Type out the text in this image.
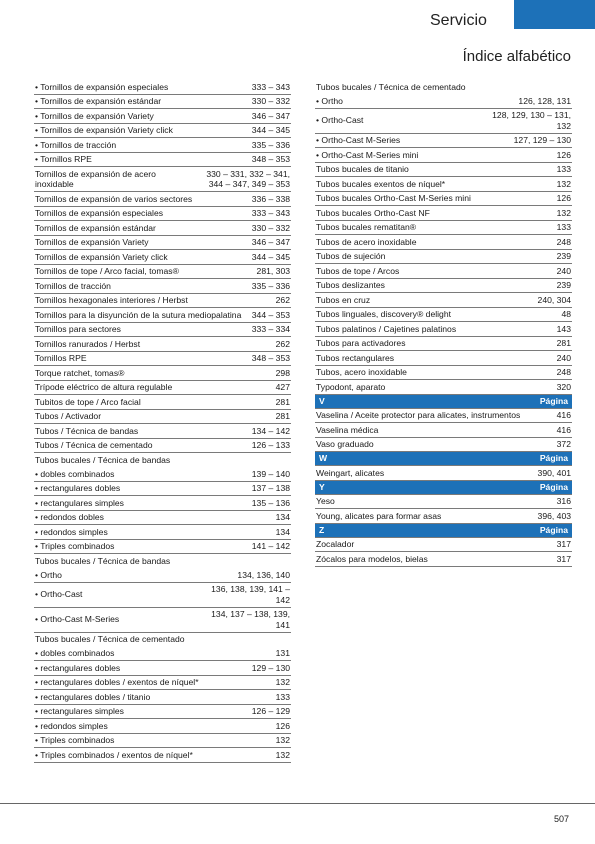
Servicio
Índice alfabético
• Tornillos de expansión especiales	333 – 343
• Tornillos de expansión estándar	330 – 332
• Tornillos de expansión Variety	346 – 347
• Tornillos de expansión Variety click	344 – 345
• Tornillos de tracción	335 – 336
• Tornillos RPE	348 – 353
Tornillos de expansión de acero inoxidable
330 – 331, 332 – 341, 344 – 347, 349 – 353
Tornillos de expansión de varios sectores	336 – 338
Tornillos de expansión especiales	333 – 343
Tornillos de expansión estándar	330 – 332
Tornillos de expansión Variety	346 – 347
Tornillos de expansión Variety click	344 – 345
Tornillos de tope / Arco facial, tomas®	281, 303
Tornillos de tracción	335 – 336
Tornillos hexagonales interiores / Herbst	262
Tornillos para la disyunción de la sutura mediopalatina	344 – 353
Tornillos para sectores	333 – 334
Tornillos ranurados / Herbst	262
Tornillos RPE	348 – 353
Torque ratchet, tomas®	298
Trípode eléctrico de altura regulable	427
Tubitos de tope / Arco facial	281
Tubos / Activador	281
Tubos / Técnica de bandas	134 – 142
Tubos / Técnica de cementado	126 – 133
Tubos bucales / Técnica de bandas
• dobles combinados	139 – 140
• rectangulares dobles	137 – 138
• rectangulares simples	135 – 136
• redondos dobles	134
• redondos simples	134
• Triples combinados	141 – 142
Tubos bucales / Técnica de bandas
• Ortho	134, 136, 140
• Ortho-Cast
136, 138, 139, 141 – 142
• Ortho-Cast M-Series
134, 137 – 138, 139, 141
Tubos bucales / Técnica de cementado
• dobles combinados	131
• rectangulares dobles	129 – 130
• rectangulares dobles / exentos de níquel*	132
• rectangulares dobles / titanio	133
• rectangulares simples	126 – 129
• redondos simples	126
• Triples combinados	132
• Triples combinados / exentos de níquel*	132
Tubos bucales / Técnica de cementado
• Ortho	126, 128, 131
• Ortho-Cast
128, 129, 130 – 131, 132
• Ortho-Cast M-Series	127, 129 – 130
• Ortho-Cast M-Series mini	126
Tubos bucales de titanio	133
Tubos bucales exentos de níquel*	132
Tubos bucales Ortho-Cast M-Series mini	126
Tubos bucales Ortho-Cast NF	132
Tubos bucales rematitan®	133
Tubos de acero inoxidable	248
Tubos de sujeción	239
Tubos de tope / Arcos	240
Tubos deslizantes	239
Tubos en cruz	240, 304
Tubos linguales, discovery® delight	48
Tubos palatinos / Cajetines palatinos	143
Tubos para activadores	281
Tubos rectangulares	240
Tubos, acero inoxidable	248
Typodont, aparato	320
V	Página
Vaselina / Aceite protector para alicates, instrumentos	416
Vaselina médica	416
Vaso graduado	372
W	Página
Weingart, alicates	390, 401
Y	Página
Yeso	316
Young, alicates para formar asas	396, 403
Z	Página
Zocalador	317
Zócalos para modelos, bielas	317
507
